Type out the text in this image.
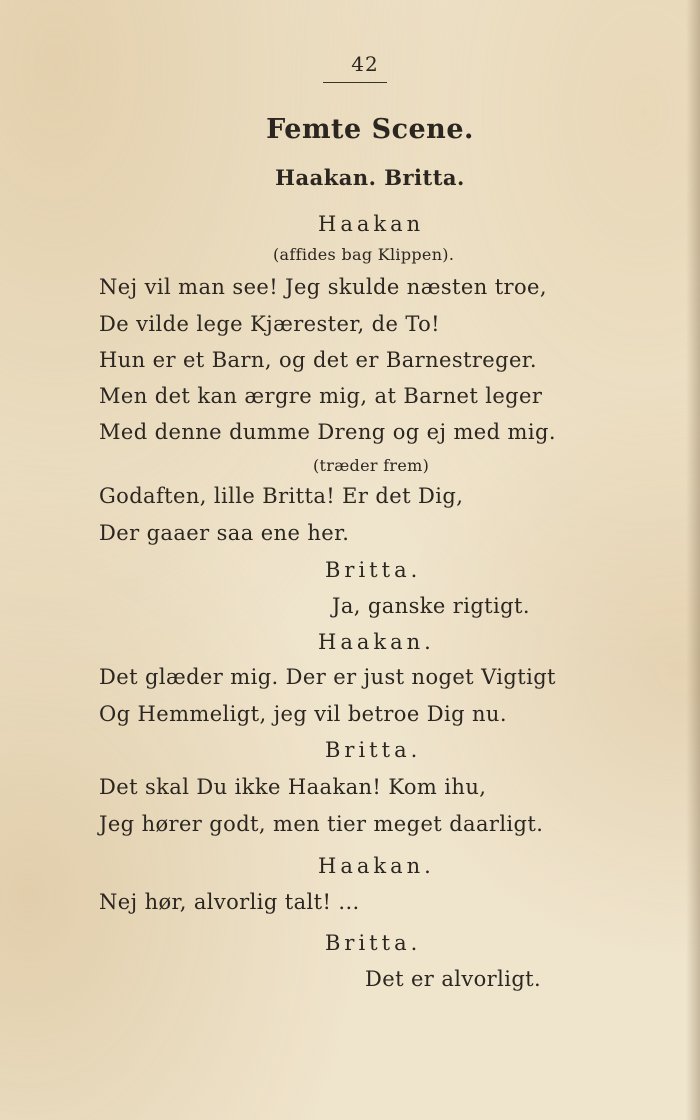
42
Femte Scene.
Haakan. Britta.
Haakan
(affides bag Klippen).
Nej vil man see! Jeg skulde næsten troe,
De vilde lege Kjærester, de To!
Hun er et Barn, og det er Barnestreger.
Men det kan ærgre mig, at Barnet leger
Med denne dumme Dreng og ej med mig.
(træder frem)
Godaften, lille Britta! Er det Dig,
Der gaaer saa ene her.
Britta.
Ja, ganske rigtigt.
Haakan.
Det glæder mig. Der er just noget Vigtigt
Og Hemmeligt, jeg vil betroe Dig nu.
Britta.
Det skal Du ikke Haakan! Kom ihu,
Jeg hører godt, men tier meget daarligt.
Haakan.
Nej hør, alvorlig talt! ...
Britta.
Det er alvorligt.
